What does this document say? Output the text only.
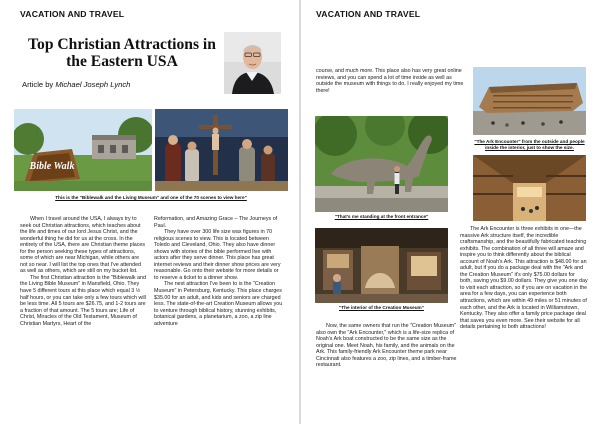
VACATION AND TRAVEL
Top Christian Attractions in the Eastern USA
Article by Michael Joseph Lynch
Bible Walk
This is the "Biblewalk and the Living Museum" and one of the 70 scenes to view here"

When I travel around the USA, I always try to seek out Christian attractions, which teaches about the life and times of our lord Jesus Christ, and the wonderful thing he did for us at the cross. In the entirety of the USA, there are Christian theme places for the person seeking these types of attractions, some of which are near Michigan, while others are not so near. I will list the top ones that I've attended as well as others, which are still on my bucket list.

The first Christian attraction is the "Biblewalk and the Living Bible Museum" in Mansfield, Ohio. They have 5 different tours at this place which equal 3 ½ half hours, or you can take only a few tours which will be less time. All 5 tours are $26.75, and 1-2 tours are a fraction of that amount. The 5 tours are; Life of Christ, Miracles of the Old Testament, Museum of Christian Martyrs, Heart of the

Reformation, and Amazing Grace – The Journeys of Paul.

They have over 300 life size wax figures in 70 religious scenes to view. This is located between Toledo and Cleveland, Ohio. They also have dinner shows with stories of the bible performed live with actors after they serve dinner. This place has great internet reviews and their dinner show prices are very reasonable. Go onto their website for more details or to reserve a ticket to a dinner show.

The next attraction I've been to is the "Creation Museum" in Petersburg, Kentucky. This place charges $35.00 for an adult, and kids and seniors are charged less. The state-of-the-art Creation Museum allows you to venture through biblical history, stunning exhibits, botanical gardens, a planetarium, a zoo, a zip line adventure

VACATION AND TRAVEL

course, and much more. This place also has very great online reviews, and you can spend a lot of time inside as well as outside the museum with things to do. I really enjoyed my time there!

"That's me standing at the front entrance"
"The interior of the Creation Museum"

Now, the same owners that run the "Creation Museum" also own the "Ark Encounter," which is a life-size replica of Noah's Ark boat constructed to be the same size as the original one. Meet Noah, his family, and the animals on the Ark. This family-friendly Ark Encounter theme park near Cincinnati also features a zoo, zip lines, and a timber-frame restaurant.

"The Ark Encounter" from the outside and people inside the interior, just to show the size.

The Ark Encounter is three exhibits in one—the massive Ark structure itself, the incredible craftsmanship, and the beautifully fabricated teaching exhibits. The combination of all three will amaze and inspire you to think differently about the biblical account of Noah's Ark. This attraction is $48.00 for an adult, but if you do a package deal with the "Ark and the Creation Museum" it's only $75.00 dollars for both, saving you $9.00 dollars. They give you one day to visit each attraction, so if you are on vacation in the area for a few days, you can experience both attractions, which are within 49 miles or 51 minutes of each other, and the Ark is located in Williamstown, Kentucky. They also offer a family price package deal that saves you even more. See their website for all details pertaining to both attractions!
